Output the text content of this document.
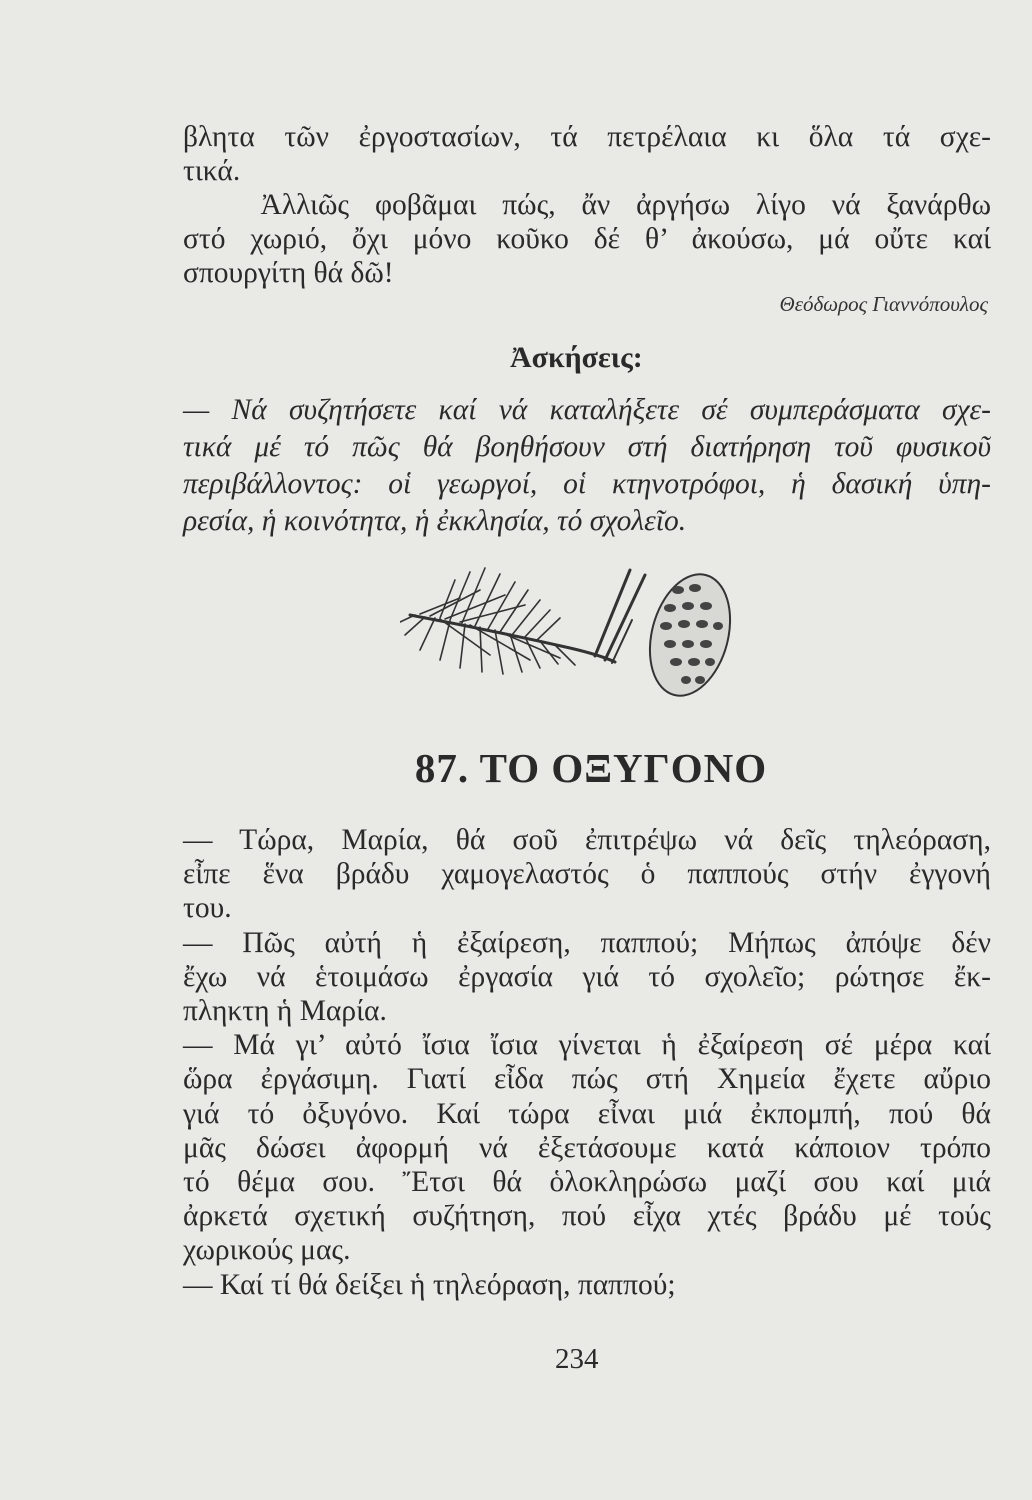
βλητα τῶν ἐργοστασίων, τά πετρέλαια κι ὅλα τά σχε-
τικά.
Ἀλλιῶς φοβᾶμαι πώς, ἄν ἀργήσω λίγο νά ξανάρθω
στό χωριό, ὄχι μόνο κοῦκο δέ θ’ ἀκούσω, μά οὔτε καί
σπουργίτη θά δῶ!
Θεόδωρος Γιαννόπουλος
Ἀσκήσεις:
— Νά συζητήσετε καί νά καταλήξετε σέ συμπεράσματα σχε-
τικά μέ τό πῶς θά βοηθήσουν στή διατήρηση τοῦ φυσικοῦ
περιβάλλοντος: οἱ γεωργοί, οἱ κτηνοτρόφοι, ἡ δασική ὑπη-
ρεσία, ἡ κοινότητα, ἡ ἐκκλησία, τό σχολεῖο.
87. ΤΟ ΟΞΥΓΟΝΟ
— Τώρα, Μαρία, θά σοῦ ἐπιτρέψω νά δεῖς τηλεόραση,
εἶπε ἕνα βράδυ χαμογελαστός ὁ παππούς στήν ἐγγονή
του.
— Πῶς αὐτή ἡ ἐξαίρεση, παππού; Μήπως ἀπόψε δέν
ἔχω νά ἑτοιμάσω ἐργασία γιά τό σχολεῖο; ρώτησε ἔκ-
πληκτη ἡ Μαρία.
— Μά γι’ αὐτό ἴσια ἴσια γίνεται ἡ ἐξαίρεση σέ μέρα καί
ὥρα ἐργάσιμη. Γιατί εἶδα πώς στή Χημεία ἔχετε αὔριο
γιά τό ὀξυγόνο. Καί τώρα εἶναι μιά ἐκπομπή, πού θά
μᾶς δώσει ἀφορμή νά ἐξετάσουμε κατά κάποιον τρόπο
τό θέμα σου. Ἔτσι θά ὁλοκληρώσω μαζί σου καί μιά
ἀρκετά σχετική συζήτηση, πού εἶχα χτές βράδυ μέ τούς
χωρικούς μας.
— Καί τί θά δείξει ἡ τηλεόραση, παππού;
234
